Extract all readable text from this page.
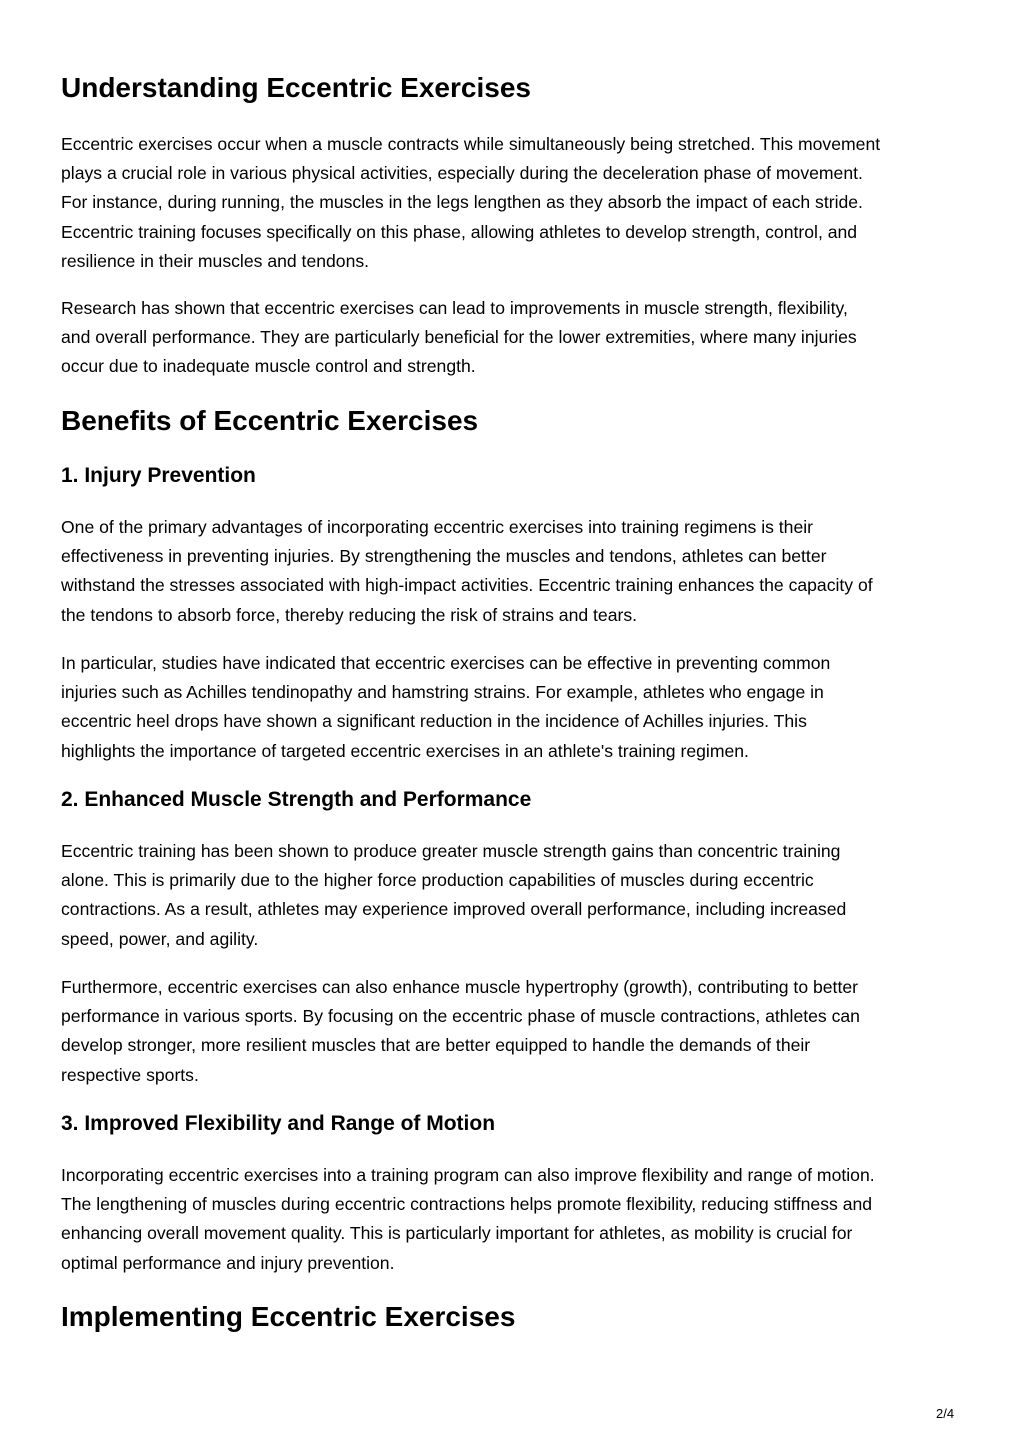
Understanding Eccentric Exercises
Eccentric exercises occur when a muscle contracts while simultaneously being stretched. This movement
plays a crucial role in various physical activities, especially during the deceleration phase of movement.
For instance, during running, the muscles in the legs lengthen as they absorb the impact of each stride.
Eccentric training focuses specifically on this phase, allowing athletes to develop strength, control, and
resilience in their muscles and tendons.
Research has shown that eccentric exercises can lead to improvements in muscle strength, flexibility,
and overall performance. They are particularly beneficial for the lower extremities, where many injuries
occur due to inadequate muscle control and strength.
Benefits of Eccentric Exercises
1. Injury Prevention
One of the primary advantages of incorporating eccentric exercises into training regimens is their
effectiveness in preventing injuries. By strengthening the muscles and tendons, athletes can better
withstand the stresses associated with high-impact activities. Eccentric training enhances the capacity of
the tendons to absorb force, thereby reducing the risk of strains and tears.
In particular, studies have indicated that eccentric exercises can be effective in preventing common
injuries such as Achilles tendinopathy and hamstring strains. For example, athletes who engage in
eccentric heel drops have shown a significant reduction in the incidence of Achilles injuries. This
highlights the importance of targeted eccentric exercises in an athlete's training regimen.
2. Enhanced Muscle Strength and Performance
Eccentric training has been shown to produce greater muscle strength gains than concentric training
alone. This is primarily due to the higher force production capabilities of muscles during eccentric
contractions. As a result, athletes may experience improved overall performance, including increased
speed, power, and agility.
Furthermore, eccentric exercises can also enhance muscle hypertrophy (growth), contributing to better
performance in various sports. By focusing on the eccentric phase of muscle contractions, athletes can
develop stronger, more resilient muscles that are better equipped to handle the demands of their
respective sports.
3. Improved Flexibility and Range of Motion
Incorporating eccentric exercises into a training program can also improve flexibility and range of motion.
The lengthening of muscles during eccentric contractions helps promote flexibility, reducing stiffness and
enhancing overall movement quality. This is particularly important for athletes, as mobility is crucial for
optimal performance and injury prevention.
Implementing Eccentric Exercises
2/4
